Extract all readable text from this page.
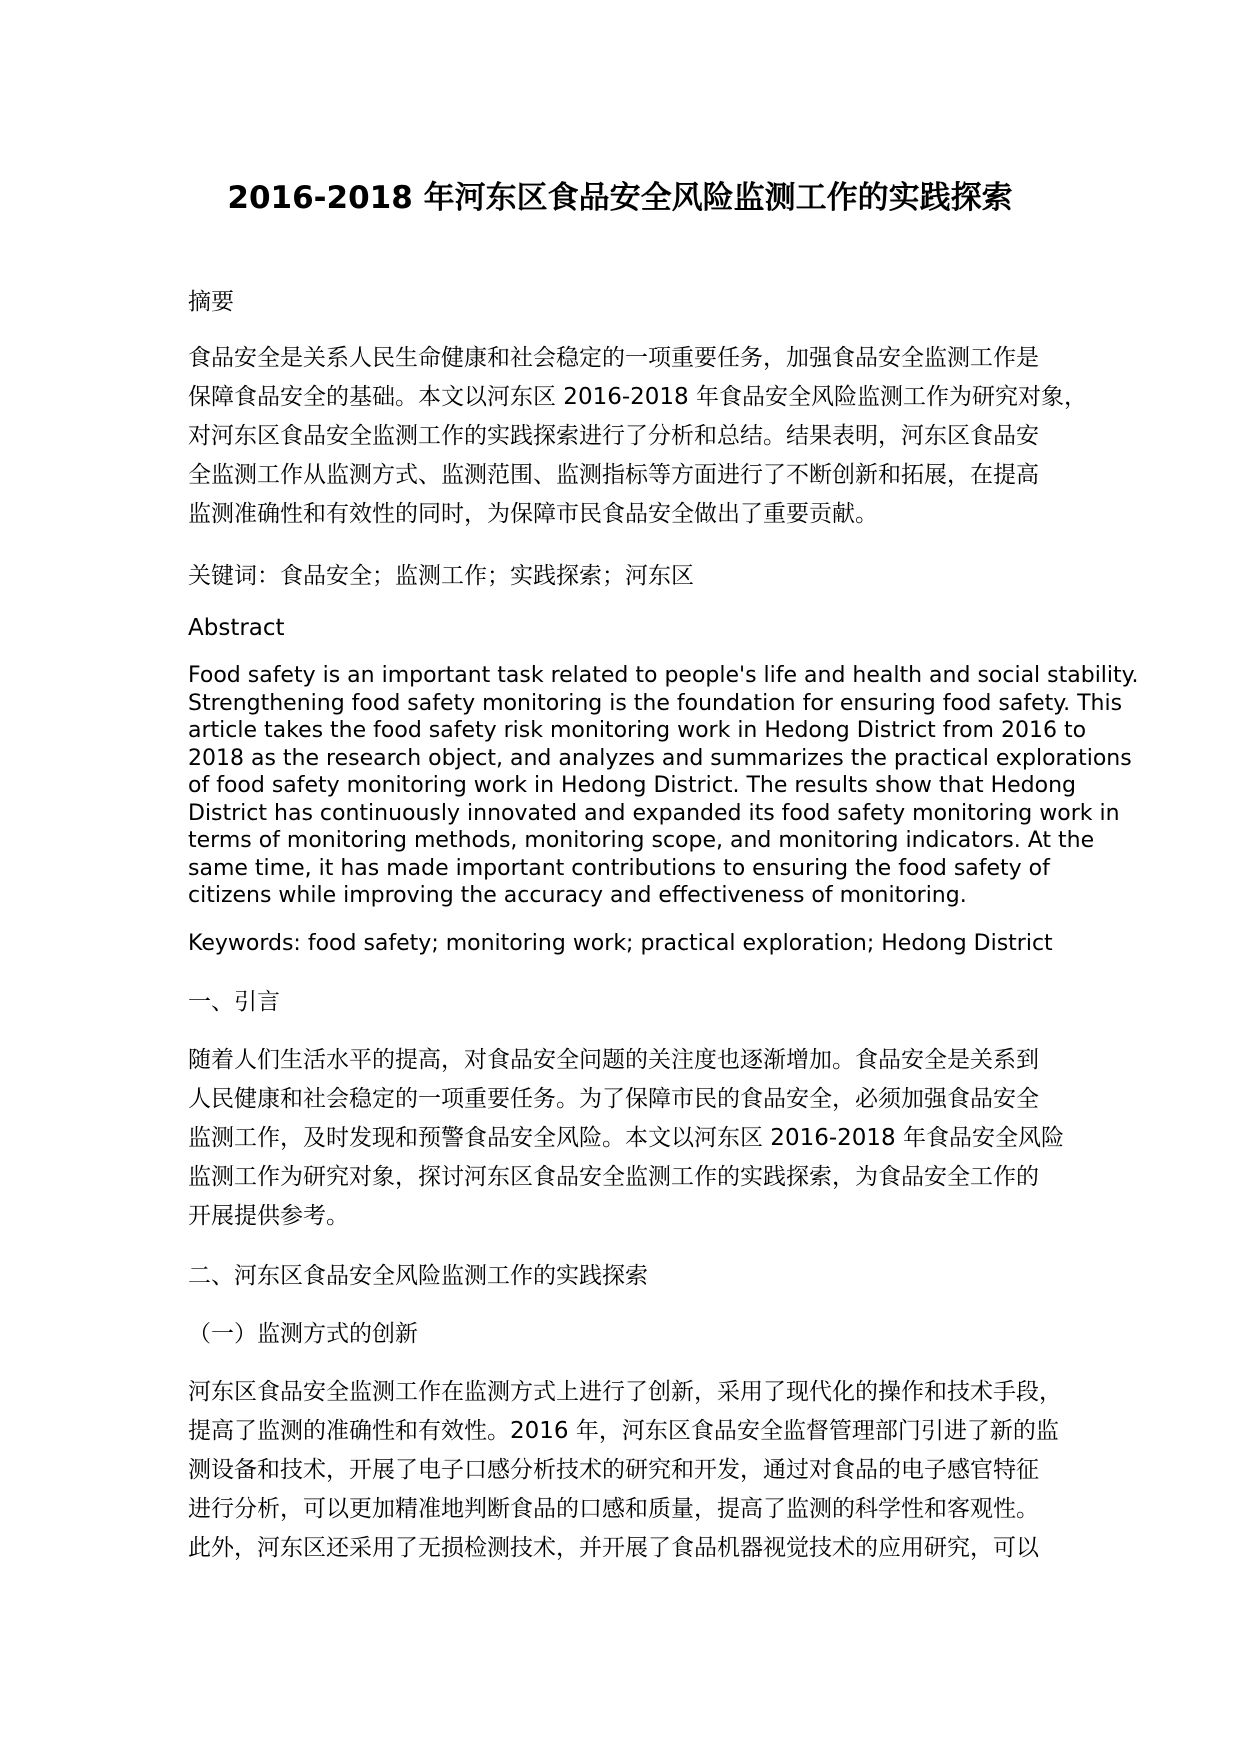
2016-2018 年河东区食品安全风险监测工作的实践探索
摘要
食品安全是关系人民生命健康和社会稳定的一项重要任务，加强食品安全监测工作是
保障食品安全的基础。本文以河东区 2016-2018 年食品安全风险监测工作为研究对象，
对河东区食品安全监测工作的实践探索进行了分析和总结。结果表明，河东区食品安
全监测工作从监测方式、监测范围、监测指标等方面进行了不断创新和拓展，在提高
监测准确性和有效性的同时，为保障市民食品安全做出了重要贡献。
关键词：食品安全；监测工作；实践探索；河东区
Abstract
Food safety is an important task related to people's life and health and social stability.
Strengthening food safety monitoring is the foundation for ensuring food safety. This
article takes the food safety risk monitoring work in Hedong District from 2016 to
2018 as the research object, and analyzes and summarizes the practical explorations
of food safety monitoring work in Hedong District. The results show that Hedong
District has continuously innovated and expanded its food safety monitoring work in
terms of monitoring methods, monitoring scope, and monitoring indicators. At the
same time, it has made important contributions to ensuring the food safety of
citizens while improving the accuracy and effectiveness of monitoring.
Keywords: food safety; monitoring work; practical exploration; Hedong District
一、引言
随着人们生活水平的提高，对食品安全问题的关注度也逐渐增加。食品安全是关系到
人民健康和社会稳定的一项重要任务。为了保障市民的食品安全，必须加强食品安全
监测工作，及时发现和预警食品安全风险。本文以河东区 2016-2018 年食品安全风险
监测工作为研究对象，探讨河东区食品安全监测工作的实践探索，为食品安全工作的
开展提供参考。
二、河东区食品安全风险监测工作的实践探索
（一）监测方式的创新
河东区食品安全监测工作在监测方式上进行了创新，采用了现代化的操作和技术手段，
提高了监测的准确性和有效性。2016 年，河东区食品安全监督管理部门引进了新的监
测设备和技术，开展了电子口感分析技术的研究和开发，通过对食品的电子感官特征
进行分析，可以更加精准地判断食品的口感和质量，提高了监测的科学性和客观性。
此外，河东区还采用了无损检测技术，并开展了食品机器视觉技术的应用研究，可以
